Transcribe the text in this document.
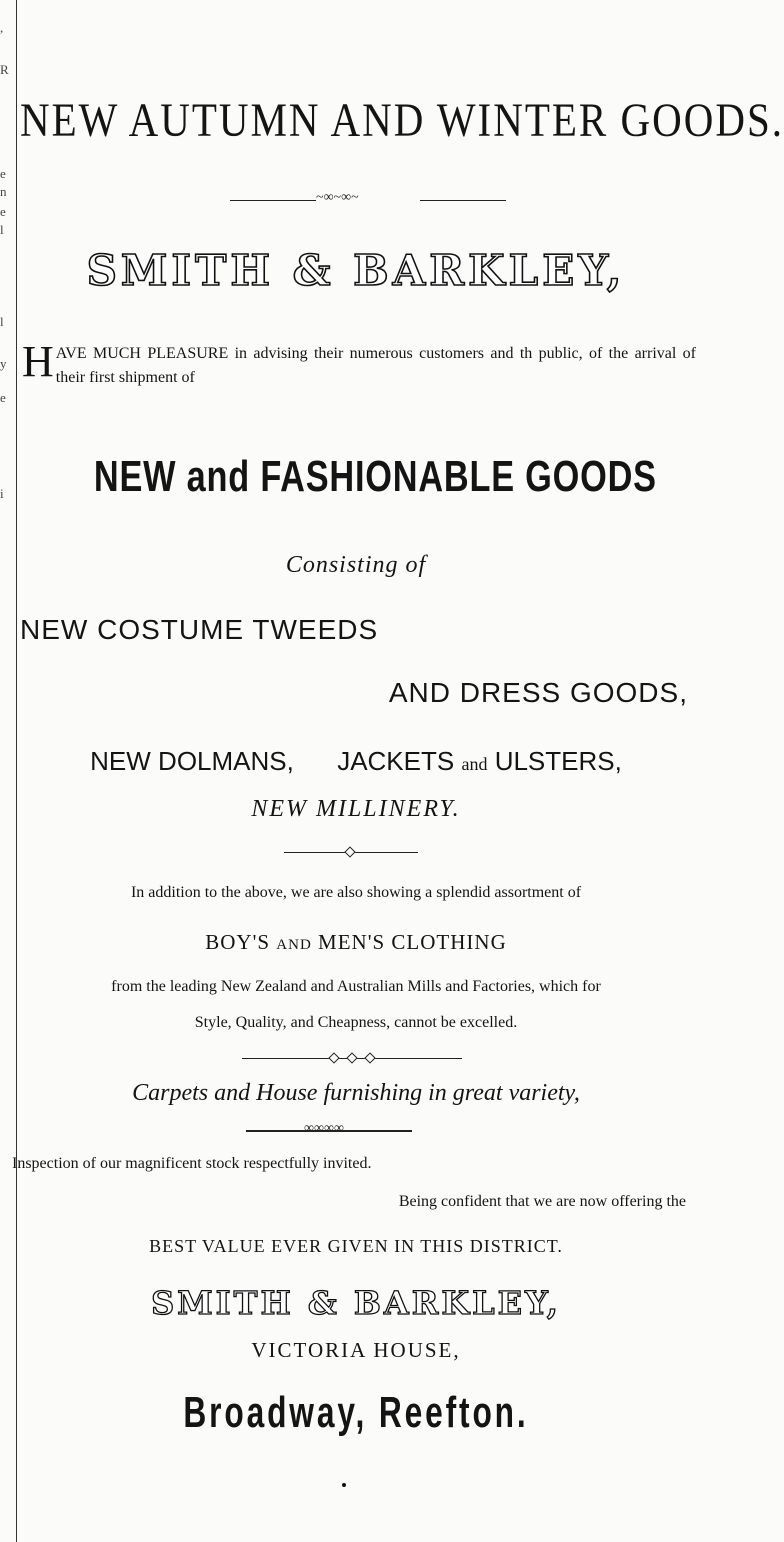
,
R
e
n
e
l
l
y
e
i
NEW AUTUMN AND WINTER GOODS.
~∞~∞~
SMITH & BARKLEY,
HAVE MUCH PLEASURE in advising their numerous customers and th public, of the arrival of their first shipment of
NEW and FASHIONABLE GOODS
Consisting of
NEW COSTUME TWEEDS
AND DRESS GOODS,
NEW DOLMANS, JACKETS and ULSTERS,
NEW MILLINERY.
In addition to the above, we are also showing a splendid assortment of
BOY'S AND MEN'S CLOTHING
from the leading New Zealand and Australian Mills and Factories, which for
Style, Quality, and Cheapness, cannot be excelled.
Carpets and House furnishing in great variety,
∞∞∞∞
Inspection of our magnificent stock respectfully invited.
Being confident that we are now offering the
BEST VALUE EVER GIVEN IN THIS DISTRICT.
SMITH & BARKLEY,
VICTORIA HOUSE,
Broadway, Reefton.
